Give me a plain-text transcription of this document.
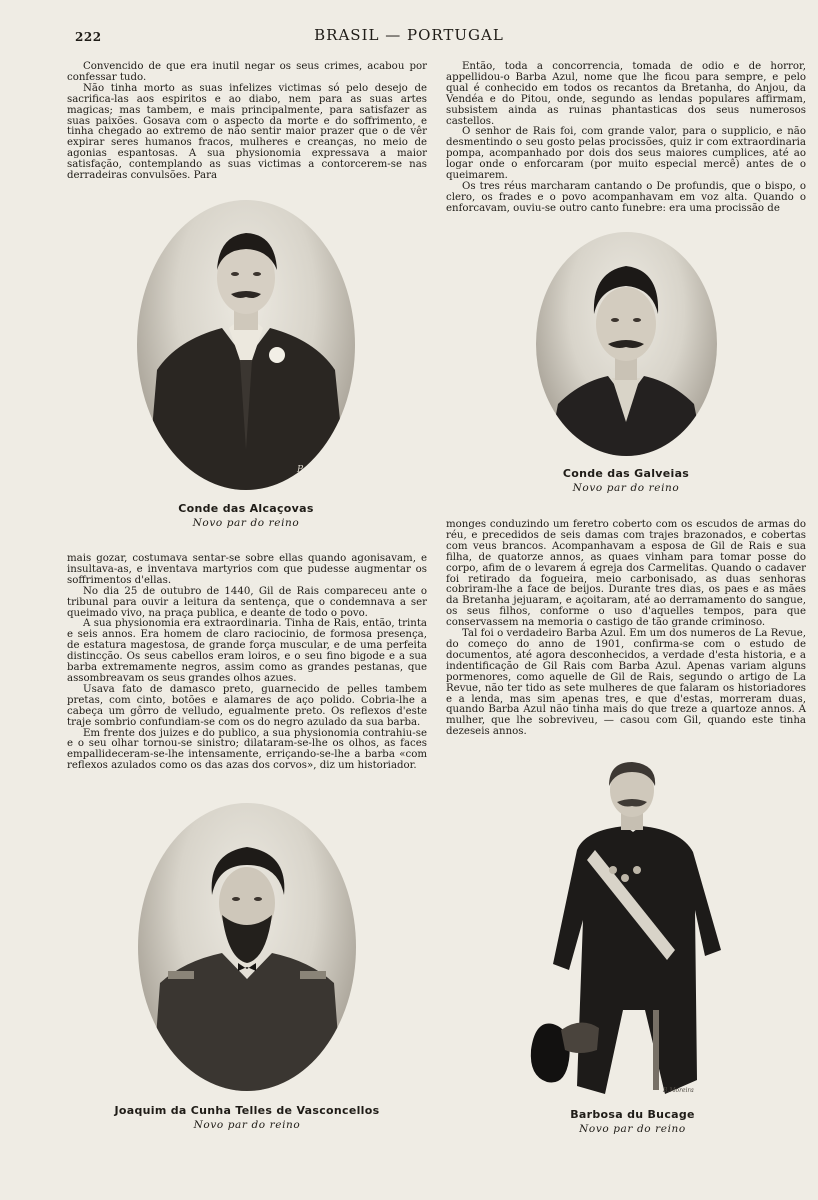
222	BRASIL — PORTUGAL

Convencido de que era inutil negar os seus crimes, acabou por confessar tudo.

Não tinha morto as suas infelizes victimas só pelo desejo de sacrifica-las aos espiritos e ao diabo, nem para as suas artes magicas; mas tambem, e mais principalmente, para satisfazer as suas paixões. Gosava com o aspecto da morte e do soffrimento, e tinha chegado ao extremo de não sentir maior prazer que o de vêr expirar seres humanos fracos, mulheres e creanças, no meio de agonias espantosas. A sua physionomia expressava a maior satisfação, contemplando as suas victimas a contorcerem-se nas derradeiras convulsões. Para

Então, toda a concorrencia, tomada de odio e de horror, appellidou-o Barba Azul, nome que lhe ficou para sempre, e pelo qual é conhecido em todos os recantos da Bretanha, do Anjou, da Vendéa e do Pitou, onde, segundo as lendas populares affirmam, subsistem ainda as ruinas phantasticas dos seus numerosos castellos.

O senhor de Rais foi, com grande valor, para o supplicio, e não desmentindo o seu gosto pelas procissões, quiz ir com extraordinaria pompa, acompanhado por dois dos seus maiores cumplices, até ao logar onde o enforcaram (por muito especial mercê) antes de o queimarem.

Os tres réus marcharam cantando o De profundis, que o bispo, o clero, os frades e o povo acompanhavam em voz alta. Quando o enforcavam, ouviu-se outro canto funebre: era uma procissão de

B.Moreira
Conde das Alcaçovas
Novo par do reino
Conde das Galveias
Novo par do reino

mais gozar, costumava sentar-se sobre ellas quando agonisavam, e insultava-as, e inventava martyrios com que pudesse augmentar os soffrimentos d'ellas.

No dia 25 de outubro de 1440, Gil de Rais compareceu ante o tribunal para ouvir a leitura da sentença, que o condemnava a ser queimado vivo, na praça publica, e deante de todo o povo.

A sua physionomia era extraordinaria. Tinha de Rais, então, trinta e seis annos. Era homem de claro raciocinio, de formosa presença, de estatura magestosa, de grande força muscular, e de uma perfeita distincção. Os seus cabellos eram loiros, e o seu fino bigode e a sua barba extremamente negros, assim como as grandes pestanas, que assombreavam os seus grandes olhos azues.

Usava fato de damasco preto, guarnecido de pelles tambem pretas, com cinto, botões e alamares de aço polido. Cobria-lhe a cabeça um gôrro de velludo, egualmente preto. Os reflexos d'este traje sombrio confundiam-se com os do negro azulado da sua barba.

Em frente dos juizes e do publico, a sua physionomia contrahiu-se e o seu olhar tornou-se sinistro; dilataram-se-lhe os olhos, as faces empallideceram-se-lhe intensamente, erriçando-se-lhe a barba «com reflexos azulados como os das azas dos corvos», diz um historiador.

monges conduzindo um feretro coberto com os escudos de armas do réu, e precedidos de seis damas com trajes brazonados, e cobertas com veus brancos. Acompanhavam a esposa de Gil de Rais e sua filha, de quatorze annos, as quaes vinham para tomar posse do corpo, afim de o levarem á egreja dos Carmelitas. Quando o cadaver foi retirado da fogueira, meio carbonisado, as duas senhoras cobriram-lhe a face de beijos. Durante tres dias, os paes e as mães da Bretanha jejuaram, e açoitaram, até ao derramamento do sangue, os seus filhos, conforme o uso d'aquelles tempos, para que conservassem na memoria o castigo de tão grande criminoso.

Tal foi o verdadeiro Barba Azul. Em um dos numeros de La Revue, do começo do anno de 1901, confirma-se com o estudo de documentos, até agora desconhecidos, a verdade d'esta historia, e a indentificação de Gil Rais com Barba Azul. Apenas variam alguns pormenores, como aquelle de Gil de Rais, segundo o artigo de La Revue, não ter tido as sete mulheres de que falaram os historiadores e a lenda, mas sim apenas tres, e que d'estas, morreram duas, quando Barba Azul não tinha mais do que treze a quartoze annos. A mulher, que lhe sobreviveu, — casou com Gil, quando este tinha dezeseis annos.

Joaquim da Cunha Telles de Vasconcellos
Novo par do reino
B.Moreira
Barbosa du Bucage
Novo par do reino
